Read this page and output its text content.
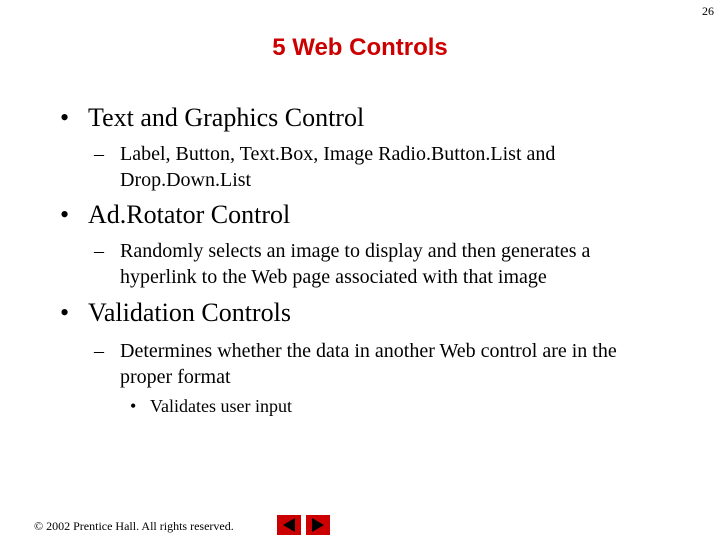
26
5 Web Controls
• Text and Graphics Control
– Label, Button, Text.Box, Image Radio.Button.List and Drop.Down.List
• Ad.Rotator Control
– Randomly selects an image to display and then generates a hyperlink to the Web page associated with that image
• Validation Controls
– Determines whether the data in another Web control are in the proper format
• Validates user input
© 2002 Prentice Hall. All rights reserved.
